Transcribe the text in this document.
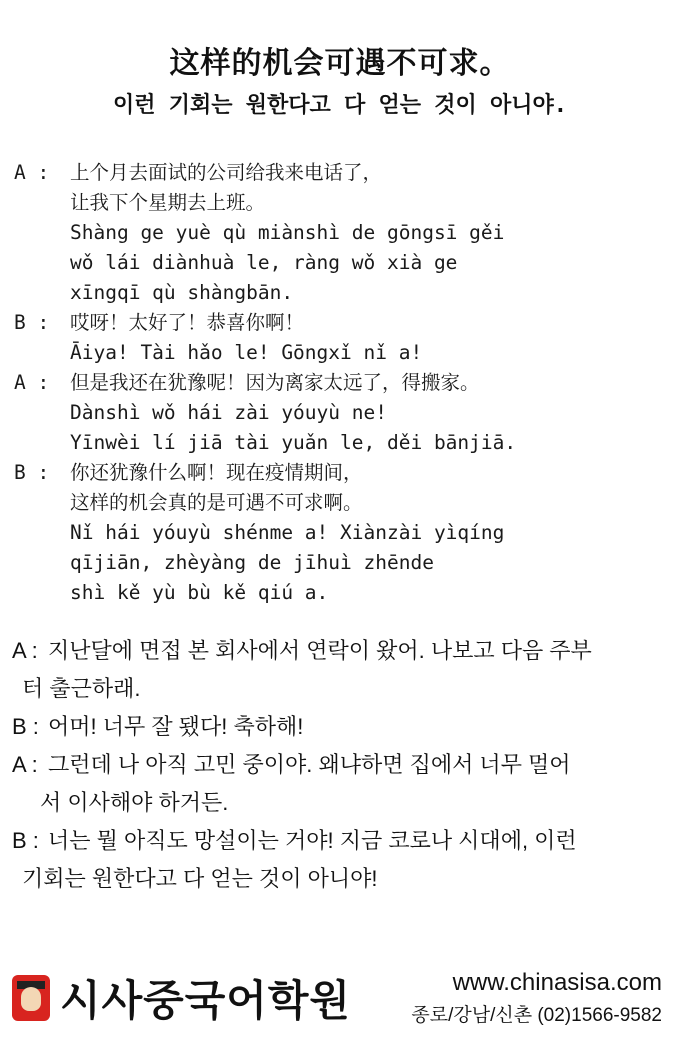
这样的机会可遇不可求。
이런 기회는 원한다고 다 얻는 것이 아니야.
A :	上个月去面试的公司给我来电话了，
让我下个星期去上班。
Shàng ge yuè qù miànshì de gōngsī gěi
wǒ lái diànhuà le, ràng wǒ xià ge
xīngqī qù shàngbān.
B :	哎呀！太好了！恭喜你啊！
Āiya! Tài hǎo le! Gōngxǐ nǐ a!
A :	但是我还在犹豫呢！因为离家太远了，得搬家。
Dànshì wǒ hái zài yóuyù ne!
Yīnwèi lí jiā tài yuǎn le, děi bānjiā.
B :	你还犹豫什么啊！现在疫情期间，
这样的机会真的是可遇不可求啊。
Nǐ hái yóuyù shénme a! Xiànzài yìqíng
qījiān, zhèyàng de jīhuì zhēnde
shì kě yù bù kě qiú a.
A : 지난달에 면접 본 회사에서 연락이 왔어. 나보고 다음 주부
터 출근하래.
B : 어머! 너무 잘 됐다! 축하해!
A : 그런데 나 아직 고민 중이야. 왜냐하면 집에서 너무 멀어
서 이사해야 하거든.
B : 너는 뭘 아직도 망설이는 거야! 지금 코로나 시대에, 이런
기회는 원한다고 다 얻는 것이 아니야!
시사중국어학원	www.chinasisa.com
종로/강남/신촌 (02)1566-9582
